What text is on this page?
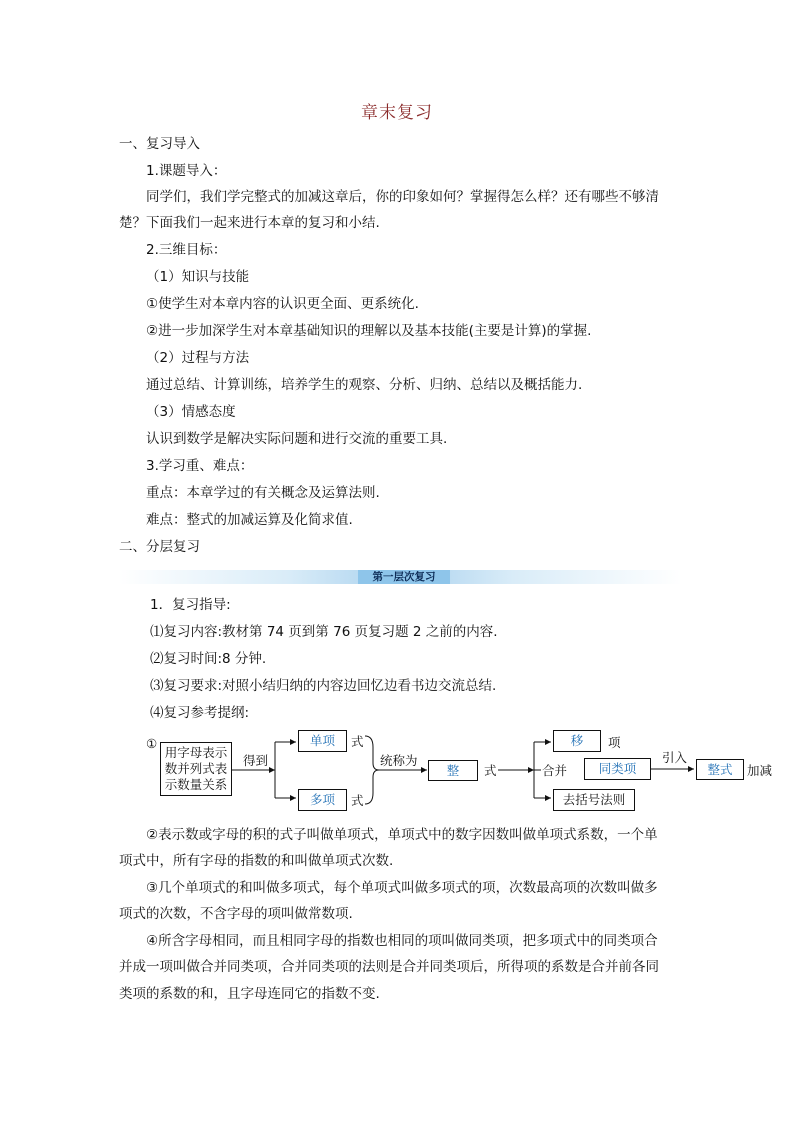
章末复习
一、复习导入
1.课题导入：
同学们，我们学完整式的加减这章后，你的印象如何？掌握得怎么样？还有哪些不够清
楚？下面我们一起来进行本章的复习和小结.
2.三维目标：
（1）知识与技能
①使学生对本章内容的认识更全面、更系统化.
②进一步加深学生对本章基础知识的理解以及基本技能(主要是计算)的掌握.
（2）过程与方法
通过总结、计算训练，培养学生的观察、分析、归纳、总结以及概括能力.
（3）情感态度
认识到数学是解决实际问题和进行交流的重要工具.
3.学习重、难点：
重点：本章学过的有关概念及运算法则.
难点：整式的加减运算及化简求值.
二、分层复习
第一层次复习
1．复习指导:
⑴复习内容:教材第 74 页到第 76 页复习题 2 之前的内容.
⑵复习时间:8 分钟.
⑶复习要求:对照小结归纳的内容边回忆边看书边交流总结.
⑷复习参考提纲:
①
用字母表示
数并列式表
示数量关系
得到
单项	式
多项	式
统称为
整	式
移	项
合并	同类项
去括号法则
引入
整式	加减
②表示数或字母的积的式子叫做单项式，单项式中的数字因数叫做单项式系数，一个单
项式中，所有字母的指数的和叫做单项式次数.
③几个单项式的和叫做多项式，每个单项式叫做多项式的项，次数最高项的次数叫做多
项式的次数，不含字母的项叫做常数项.
④所含字母相同，而且相同字母的指数也相同的项叫做同类项，把多项式中的同类项合
并成一项叫做合并同类项，合并同类项的法则是合并同类项后，所得项的系数是合并前各同
类项的系数的和，且字母连同它的指数不变.
